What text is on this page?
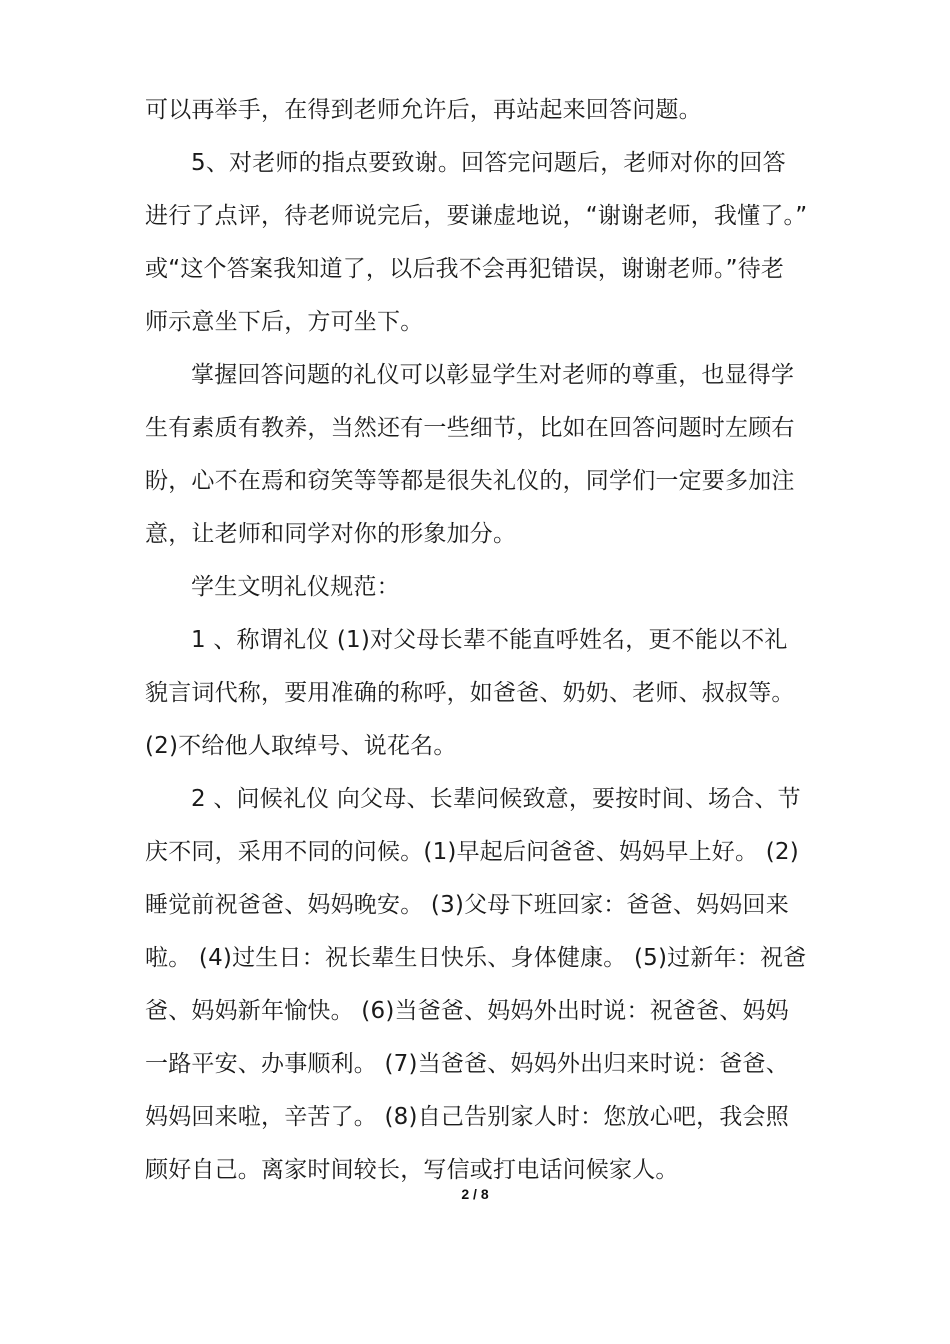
可以再举手，在得到老师允许后，再站起来回答问题。
5、对老师的指点要致谢。回答完问题后，老师对你的回答
进行了点评，待老师说完后，要谦虚地说，“谢谢老师，我懂了。”
或“这个答案我知道了，以后我不会再犯错误，谢谢老师。”待老
师示意坐下后，方可坐下。
掌握回答问题的礼仪可以彰显学生对老师的尊重，也显得学
生有素质有教养，当然还有一些细节，比如在回答问题时左顾右
盼，心不在焉和窃笑等等都是很失礼仪的，同学们一定要多加注
意，让老师和同学对你的形象加分。
学生文明礼仪规范：
1 、称谓礼仪 (1)对父母长辈不能直呼姓名，更不能以不礼
貌言词代称，要用准确的称呼，如爸爸、奶奶、老师、叔叔等。
(2)不给他人取绰号、说花名。
2 、问候礼仪 向父母、长辈问候致意，要按时间、场合、节
庆不同，采用不同的问候。(1)早起后问爸爸、妈妈早上好。 (2)
睡觉前祝爸爸、妈妈晚安。 (3)父母下班回家：爸爸、妈妈回来
啦。 (4)过生日：祝长辈生日快乐、身体健康。 (5)过新年：祝爸
爸、妈妈新年愉快。 (6)当爸爸、妈妈外出时说：祝爸爸、妈妈
一路平安、办事顺利。 (7)当爸爸、妈妈外出归来时说：爸爸、
妈妈回来啦，辛苦了。 (8)自己告别家人时：您放心吧，我会照
顾好自己。离家时间较长，写信或打电话问候家人。
2 / 8
